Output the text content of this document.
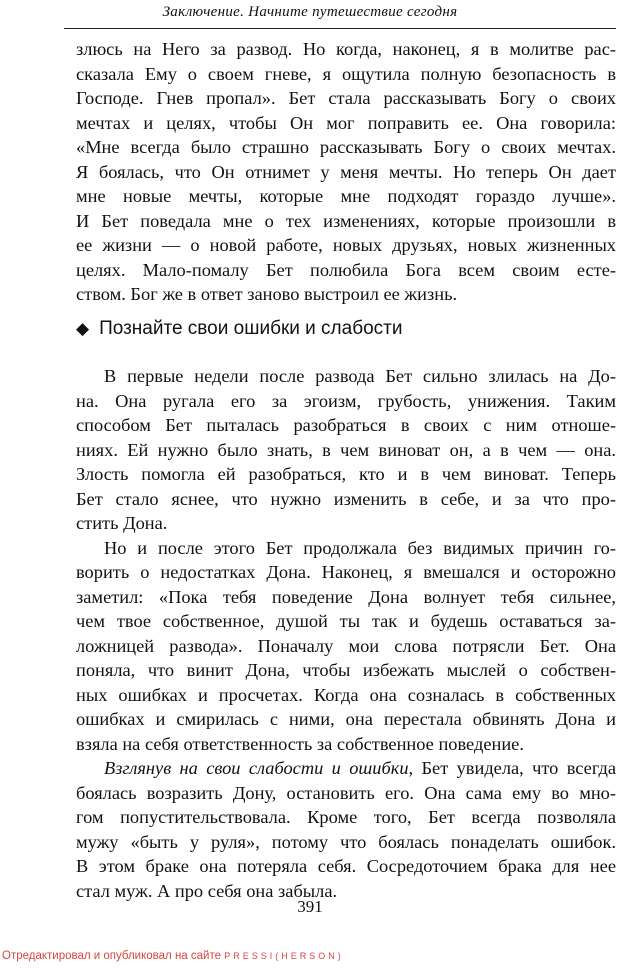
Заключение. Начните путешествие сегодня
злюсь на Него за развод. Но когда, наконец, я в молитве рас-
сказала Ему о своем гневе, я ощутила полную безопасность в
Господе. Гнев пропал». Бет стала рассказывать Богу о своих
мечтах и целях, чтобы Он мог поправить ее. Она говорила:
«Мне всегда было страшно рассказывать Богу о своих мечтах.
Я боялась, что Он отнимет у меня мечты. Но теперь Он дает
мне новые мечты, которые мне подходят гораздо лучше».
И Бет поведала мне о тех изменениях, которые произошли в
ее жизни — о новой работе, новых друзьях, новых жизненных
целях. Мало-помалу Бет полюбила Бога всем своим есте-
ством. Бог же в ответ заново выстроил ее жизнь.
◆ Познайте свои ошибки и слабости
В первые недели после развода Бет сильно злилась на До-
на. Она ругала его за эгоизм, грубость, унижения. Таким
способом Бет пыталась разобраться в своих с ним отноше-
ниях. Ей нужно было знать, в чем виноват он, а в чем — она.
Злость помогла ей разобраться, кто и в чем виноват. Теперь
Бет стало яснее, что нужно изменить в себе, и за что про-
стить Дона.
Но и после этого Бет продолжала без видимых причин го-
ворить о недостатках Дона. Наконец, я вмешался и осторожно
заметил: «Пока тебя поведение Дона волнует тебя сильнее,
чем твое собственное, душой ты так и будешь оставаться за-
ложницей развода». Поначалу мои слова потрясли Бет. Она
поняла, что винит Дона, чтобы избежать мыслей о собствен-
ных ошибках и просчетах. Когда она созналась в собственных
ошибках и смирилась с ними, она перестала обвинять Дона и
взяла на себя ответственность за собственное поведение.
Взглянув на свои слабости и ошибки, Бет увидела, что всегда
боялась возразить Дону, остановить его. Она сама ему во мно-
гом попустительствовала. Кроме того, Бет всегда позволяла
мужу «быть у руля», потому что боялась понаделать ошибок.
В этом браке она потеряла себя. Сосредоточием брака для нее
стал муж. А про себя она забыла.
391
Отредактировал и опубликовал на сайте PRESSI(HERSON)
